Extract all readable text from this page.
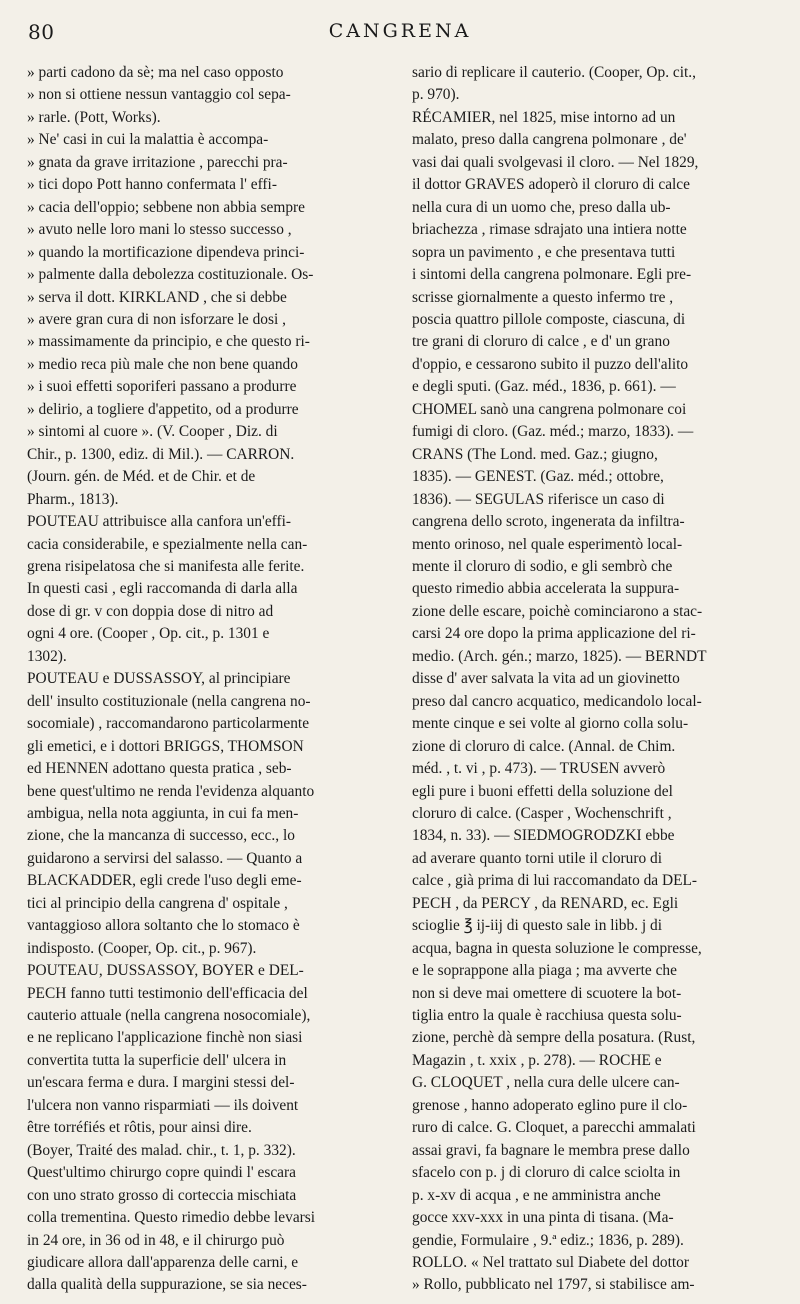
80	CANGRENA
» parti cadono da sè; ma nel caso opposto
» non si ottiene nessun vantaggio col sepa-
» rarle. (Pott, Works).
» Ne' casi in cui la malattia è accompa-
» gnata da grave irritazione , parecchi pra-
» tici dopo Pott hanno confermata l' effi-
» cacia dell'oppio; sebbene non abbia sempre
» avuto nelle loro mani lo stesso successo ,
» quando la mortificazione dipendeva princi-
» palmente dalla debolezza costituzionale. Os-
» serva il dott. KIRKLAND , che si debbe
» avere gran cura di non isforzare le dosi ,
» massimamente da principio, e che questo ri-
» medio reca più male che non bene quando
» i suoi effetti soporiferi passano a produrre
» delirio, a togliere d'appetito, od a produrre
» sintomi al cuore ». (V. Cooper , Diz. di
Chir., p. 1300, ediz. di Mil.). — CARRON.
(Journ. gén. de Méd. et de Chir. et de
Pharm., 1813).
POUTEAU attribuisce alla canfora un'effi-
cacia considerabile, e spezialmente nella can-
grena risipelatosa che si manifesta alle ferite.
In questi casi , egli raccomanda di darla alla
dose di gr. v con doppia dose di nitro ad
ogni 4 ore. (Cooper , Op. cit., p. 1301 e
1302).
POUTEAU e DUSSASSOY, al principiare
dell' insulto costituzionale (nella cangrena no-
socomiale) , raccomandarono particolarmente
gli emetici, e i dottori BRIGGS, THOMSON
ed HENNEN adottano questa pratica , seb-
bene quest'ultimo ne renda l'evidenza alquanto
ambigua, nella nota aggiunta, in cui fa men-
zione, che la mancanza di successo, ecc., lo
guidarono a servirsi del salasso. — Quanto a
BLACKADDER, egli crede l'uso degli eme-
tici al principio della cangrena d' ospitale ,
vantaggioso allora soltanto che lo stomaco è
indisposto. (Cooper, Op. cit., p. 967).
POUTEAU, DUSSASSOY, BOYER e DEL-
PECH fanno tutti testimonio dell'efficacia del
cauterio attuale (nella cangrena nosocomiale),
e ne replicano l'applicazione finchè non siasi
convertita tutta la superficie dell' ulcera in
un'escara ferma e dura. I margini stessi del-
l'ulcera non vanno risparmiati — ils doivent
être torréfiés et rôtis, pour ainsi dire.
(Boyer, Traité des malad. chir., t. 1, p. 332).
Quest'ultimo chirurgo copre quindi l' escara
con uno strato grosso di corteccia mischiata
colla trementina. Questo rimedio debbe levarsi
in 24 ore, in 36 od in 48, e il chirurgo può
giudicare allora dall'apparenza delle carni, e
dalla qualità della suppurazione, se sia neces-
sario di replicare il cauterio. (Cooper, Op. cit.,
p. 970).
RÉCAMIER, nel 1825, mise intorno ad un
malato, preso dalla cangrena polmonare , de'
vasi dai quali svolgevasi il cloro. — Nel 1829,
il dottor GRAVES adoperò il cloruro di calce
nella cura di un uomo che, preso dalla ub-
briachezza , rimase sdrajato una intiera notte
sopra un pavimento , e che presentava tutti
i sintomi della cangrena polmonare. Egli pre-
scrisse giornalmente a questo infermo tre ,
poscia quattro pillole composte, ciascuna, di
tre grani di cloruro di calce , e d' un grano
d'oppio, e cessarono subito il puzzo dell'alito
e degli sputi. (Gaz. méd., 1836, p. 661). —
CHOMEL sanò una cangrena polmonare coi
fumigi di cloro. (Gaz. méd.; marzo, 1833). —
CRANS (The Lond. med. Gaz.; giugno,
1835). — GENEST. (Gaz. méd.; ottobre,
1836). — SEGULAS riferisce un caso di
cangrena dello scroto, ingenerata da infiltra-
mento orinoso, nel quale esperimentò local-
mente il cloruro di sodio, e gli sembrò che
questo rimedio abbia accelerata la suppura-
zione delle escare, poichè cominciarono a stac-
carsi 24 ore dopo la prima applicazione del ri-
medio. (Arch. gén.; marzo, 1825). — BERNDT
disse d' aver salvata la vita ad un giovinetto
preso dal cancro acquatico, medicandolo local-
mente cinque e sei volte al giorno colla solu-
zione di cloruro di calce. (Annal. de Chim.
méd. , t. vi , p. 473). — TRUSEN avverò
egli pure i buoni effetti della soluzione del
cloruro di calce. (Casper , Wochenschrift ,
1834, n. 33). — SIEDMOGRODZKI ebbe
ad averare quanto torni utile il cloruro di
calce , già prima di lui raccomandato da DEL-
PECH , da PERCY , da RENARD, ec. Egli
scioglie ℥ ij-iij di questo sale in libb. j di
acqua, bagna in questa soluzione le compresse,
e le soprappone alla piaga ; ma avverte che
non si deve mai omettere di scuotere la bot-
tiglia entro la quale è racchiusa questa solu-
zione, perchè dà sempre della posatura. (Rust,
Magazin , t. xxix , p. 278). — ROCHE e
G. CLOQUET , nella cura delle ulcere can-
grenose , hanno adoperato eglino pure il clo-
ruro di calce. G. Cloquet, a parecchi ammalati
assai gravi, fa bagnare le membra prese dallo
sfacelo con p. j di cloruro di calce sciolta in
p. x-xv di acqua , e ne amministra anche
gocce xxv-xxx in una pinta di tisana. (Ma-
gendie, Formulaire , 9.ª ediz.; 1836, p. 289).
ROLLO. « Nel trattato sul Diabete del dottor
» Rollo, pubblicato nel 1797, si stabilisce am-
